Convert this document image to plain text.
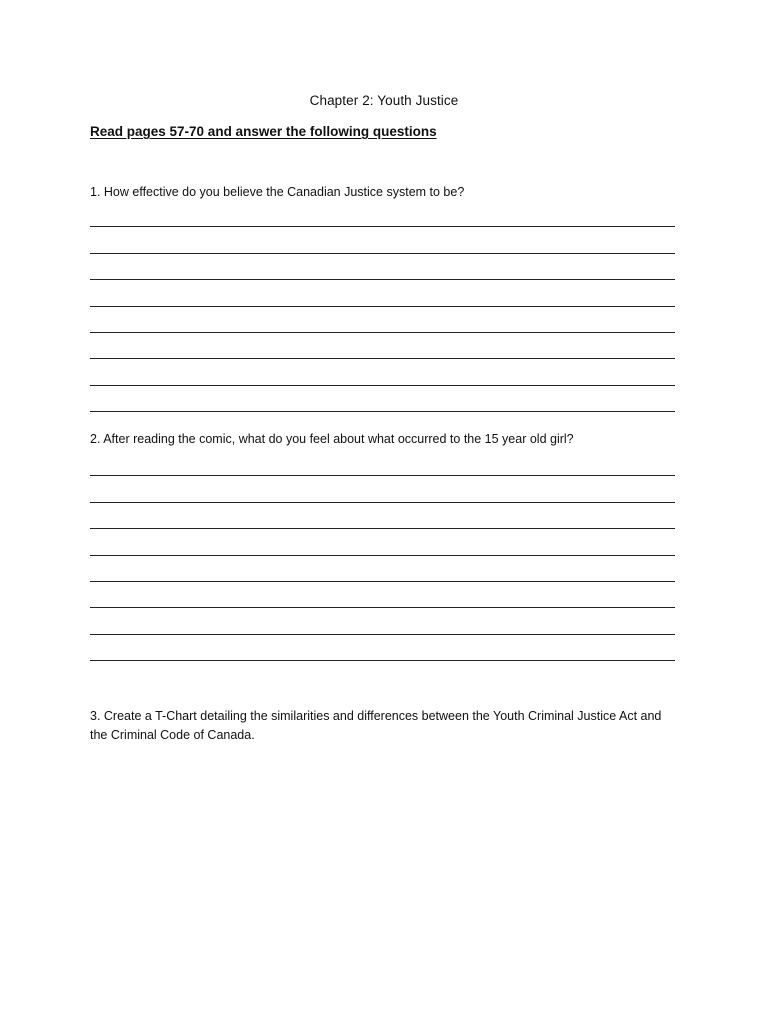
Chapter 2: Youth Justice
Read pages 57-70 and answer the following questions
1. How effective do you believe the Canadian Justice system to be?
2. After reading the comic, what do you feel about what occurred to the 15 year old girl?
3. Create a T-Chart detailing the similarities and differences between the Youth Criminal Justice Act and the Criminal Code of Canada.
